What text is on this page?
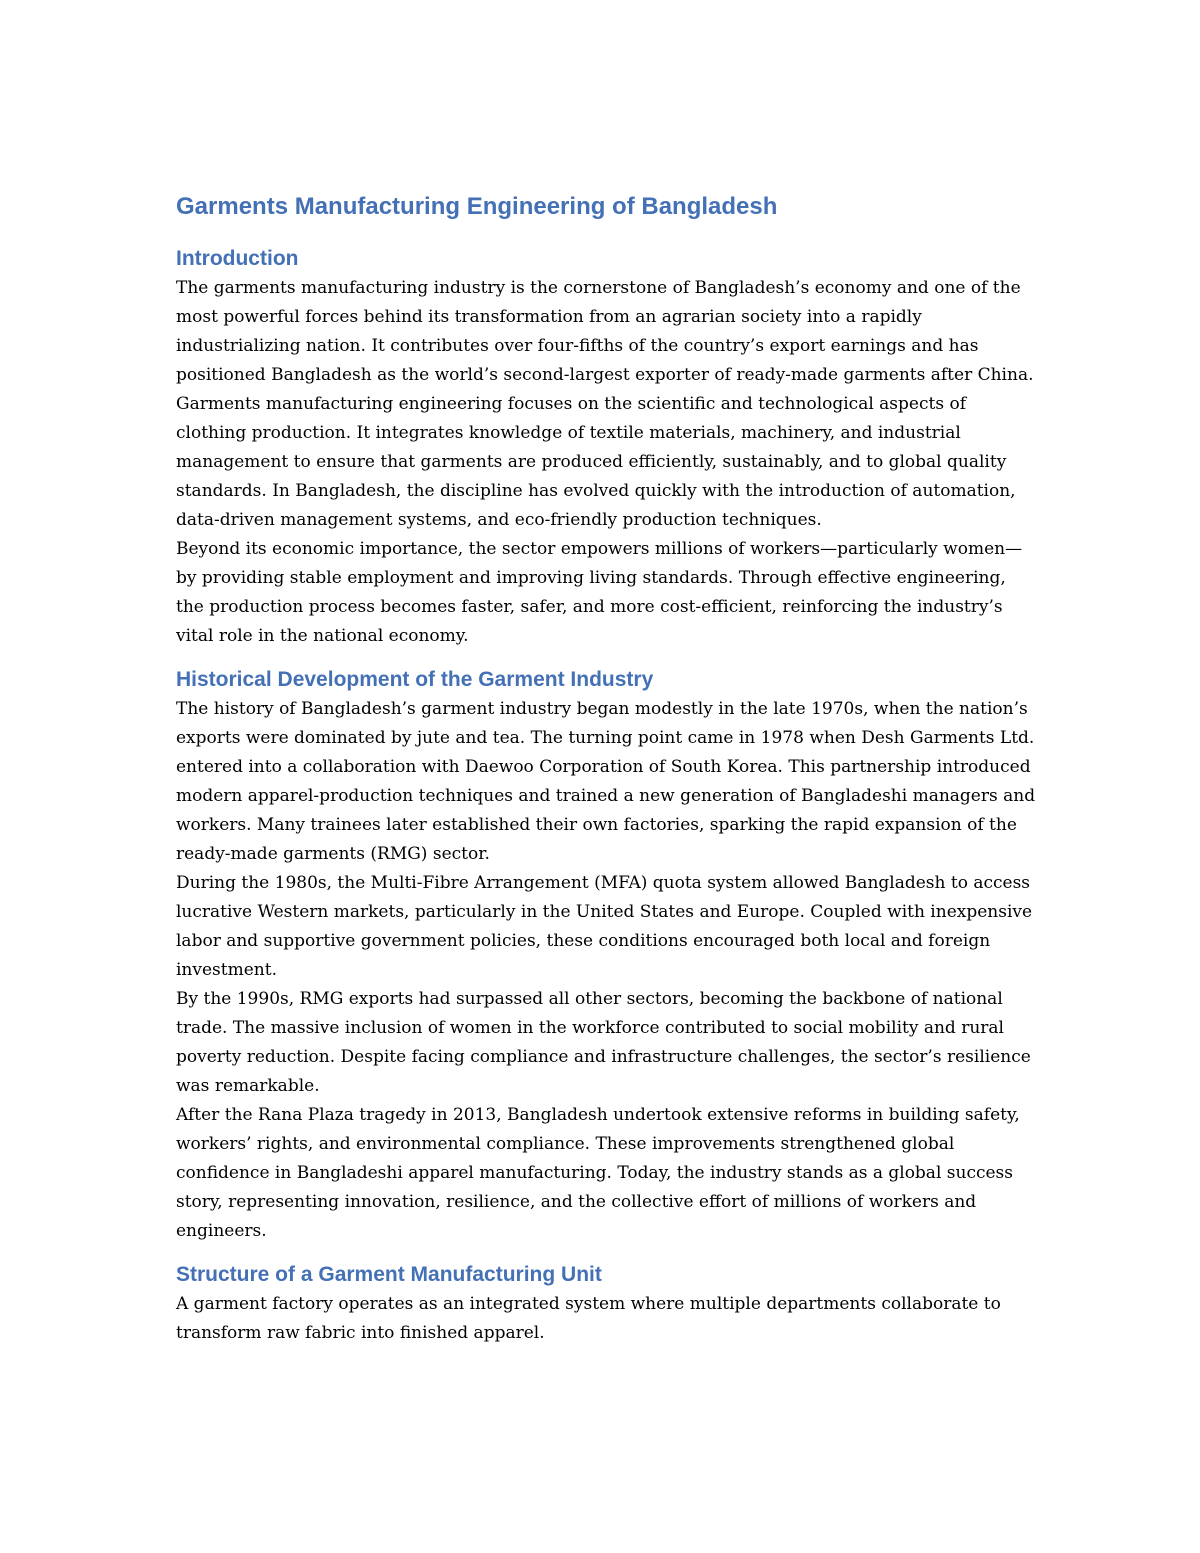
Garments Manufacturing Engineering of Bangladesh
Introduction

The garments manufacturing industry is the cornerstone of Bangladesh’s economy and one of the most powerful forces behind its transformation from an agrarian society into a rapidly industrializing nation. It contributes over four-fifths of the country’s export earnings and has positioned Bangladesh as the world’s second-largest exporter of ready-made garments after China.

Garments manufacturing engineering focuses on the scientific and technological aspects of clothing production. It integrates knowledge of textile materials, machinery, and industrial management to ensure that garments are produced efficiently, sustainably, and to global quality standards. In Bangladesh, the discipline has evolved quickly with the introduction of automation, data-driven management systems, and eco-friendly production techniques.

Beyond its economic importance, the sector empowers millions of workers—particularly women—by providing stable employment and improving living standards. Through effective engineering, the production process becomes faster, safer, and more cost-efficient, reinforcing the industry’s vital role in the national economy.

Historical Development of the Garment Industry

The history of Bangladesh’s garment industry began modestly in the late 1970s, when the nation’s exports were dominated by jute and tea. The turning point came in 1978 when Desh Garments Ltd. entered into a collaboration with Daewoo Corporation of South Korea. This partnership introduced modern apparel-production techniques and trained a new generation of Bangladeshi managers and workers. Many trainees later established their own factories, sparking the rapid expansion of the ready-made garments (RMG) sector.

During the 1980s, the Multi-Fibre Arrangement (MFA) quota system allowed Bangladesh to access lucrative Western markets, particularly in the United States and Europe. Coupled with inexpensive labor and supportive government policies, these conditions encouraged both local and foreign investment.

By the 1990s, RMG exports had surpassed all other sectors, becoming the backbone of national trade. The massive inclusion of women in the workforce contributed to social mobility and rural poverty reduction. Despite facing compliance and infrastructure challenges, the sector’s resilience was remarkable.

After the Rana Plaza tragedy in 2013, Bangladesh undertook extensive reforms in building safety, workers’ rights, and environmental compliance. These improvements strengthened global confidence in Bangladeshi apparel manufacturing. Today, the industry stands as a global success story, representing innovation, resilience, and the collective effort of millions of workers and engineers.

Structure of a Garment Manufacturing Unit

A garment factory operates as an integrated system where multiple departments collaborate to transform raw fabric into finished apparel.
